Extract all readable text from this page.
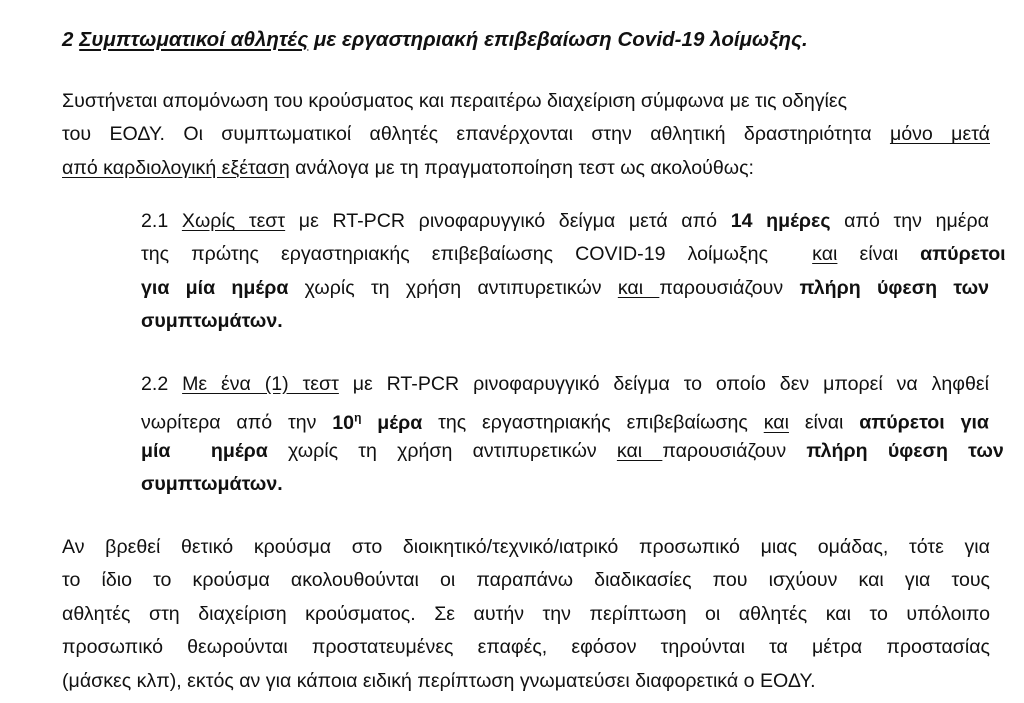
2 Συμπτωματικοί αθλητές με εργαστηριακή επιβεβαίωση Covid-19 λοίμωξης.
Συστήνεται απομόνωση του κρούσματος και περαιτέρω διαχείριση σύμφωνα με τις οδηγίες
του ΕΟΔΥ. Οι συμπτωματικοί αθλητές επανέρχονται στην αθλητική δραστηριότητα μόνο μετά
από καρδιολογική εξέταση ανάλογα με τη πραγματοποίηση τεστ ως ακολούθως:
2.1 Χωρίς τεστ με RT-PCR ρινοφαρυγγικό δείγμα μετά από 14 ημέρες από την ημέρα
της πρώτης εργαστηριακής επιβεβαίωσης COVID-19 λοίμωξης  και είναι απύρετοι
για μία ημέρα χωρίς τη χρήση αντιπυρετικών και παρουσιάζουν πλήρη ύφεση των
συμπτωμάτων.
2.2 Με ένα (1) τεστ με RT-PCR ρινοφαρυγγικό δείγμα το οποίο δεν μπορεί να ληφθεί
νωρίτερα από την $10^\eta$ μέρα της εργαστηριακής επιβεβαίωσης και είναι απύρετοι για
μία  ημέρα χωρίς τη χρήση αντιπυρετικών και παρουσιάζουν πλήρη ύφεση των
συμπτωμάτων.
Αν βρεθεί θετικό κρούσμα στο διοικητικό/τεχνικό/ιατρικό προσωπικό μιας ομάδας, τότε για
το ίδιο το κρούσμα ακολουθούνται οι παραπάνω διαδικασίες που ισχύουν και για τους
αθλητές στη διαχείριση κρούσματος. Σε αυτήν την περίπτωση οι αθλητές και το υπόλοιπο
προσωπικό θεωρούνται προστατευμένες επαφές, εφόσον τηρούνται τα μέτρα προστασίας
(μάσκες κλπ), εκτός αν για κάποια ειδική περίπτωση γνωματεύσει διαφορετικά ο ΕΟΔΥ.
